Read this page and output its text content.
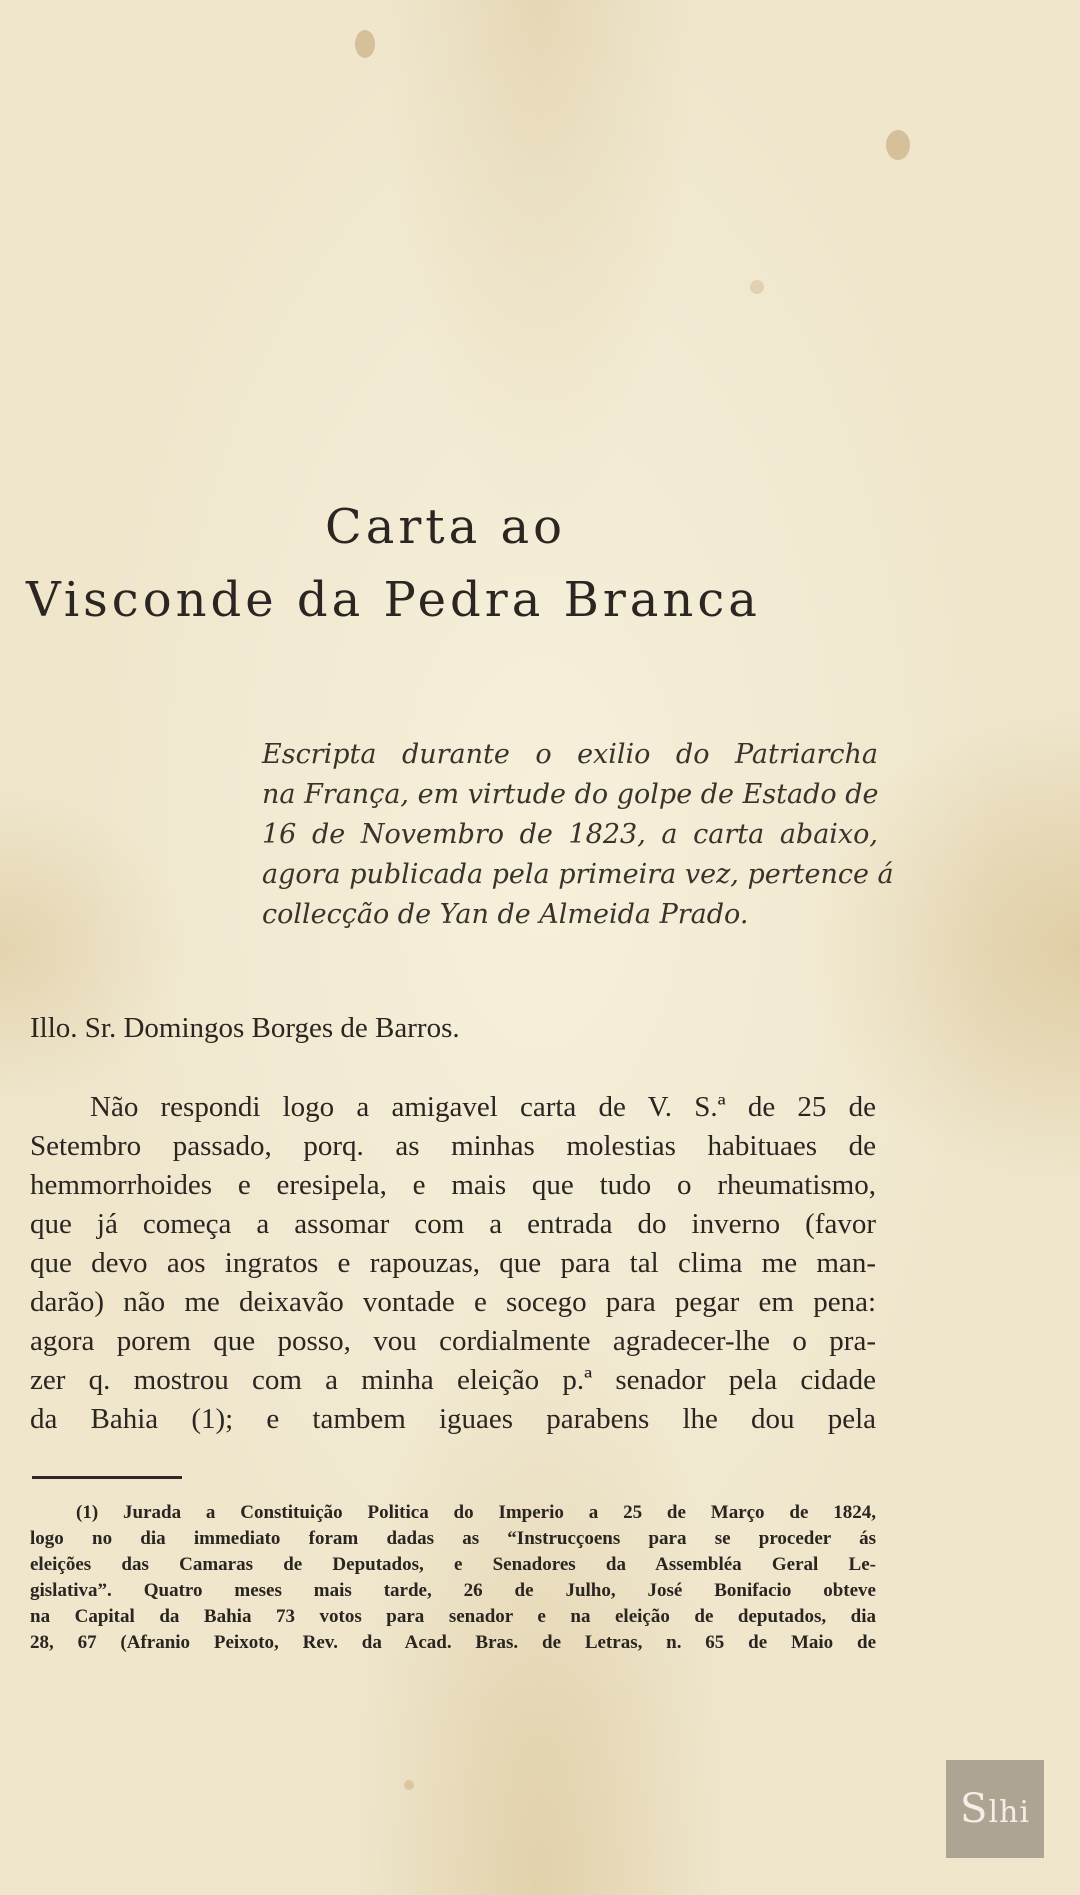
Carta ao
Visconde da Pedra Branca
Escripta durante o exilio do Patriarcha
na França, em virtude do golpe de Estado de
16 de Novembro de 1823, a carta abaixo,
agora publicada pela primeira vez, pertence á
collecção de Yan de Almeida Prado.
Illo. Sr. Domingos Borges de Barros.
Não respondi logo a amigavel carta de V. S.ª de 25 de
Setembro passado, porq. as minhas molestias habituaes de
hemmorrhoides e eresipela, e mais que tudo o rheumatismo,
que já começa a assomar com a entrada do inverno (favor
que devo aos ingratos e rapouzas, que para tal clima me man-
darão) não me deixavão vontade e socego para pegar em pena:
agora porem que posso, vou cordialmente agradecer-lhe o pra-
zer q. mostrou com a minha eleição p.ª senador pela cidade
da Bahia (1); e tambem iguaes parabens lhe dou pela
(1) Jurada a Constituição Politica do Imperio a 25 de Março de 1824,
logo no dia immediato foram dadas as “Instrucçoens para se proceder ás
eleições das Camaras de Deputados, e Senadores da Assembléa Geral Le-
gislativa”. Quatro meses mais tarde, 26 de Julho, José Bonifacio obteve
na Capital da Bahia 73 votos para senador e na eleição de deputados, dia
28, 67 (Afranio Peixoto, Rev. da Acad. Bras. de Letras, n. 65 de Maio de
Slhi
